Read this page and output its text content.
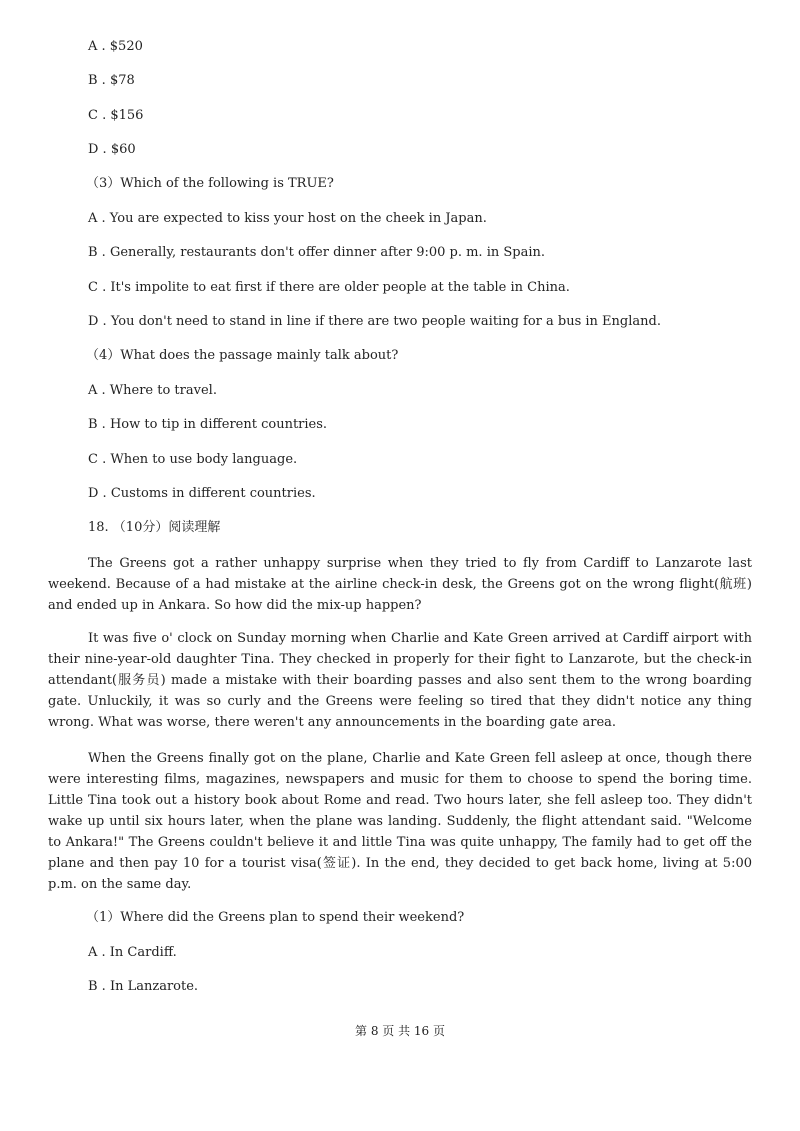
A . $520
B . $78
C . $156
D . $60
（3）Which of the following is TRUE?
A . You are expected to kiss your host on the cheek in Japan.
B . Generally, restaurants don't offer dinner after 9:00 p. m. in Spain.
C . It's impolite to eat first if there are older people at the table in China.
D . You don't need to stand in line if there are two people waiting for a bus in England.
（4）What does the passage mainly talk about?
A . Where to travel.
B . How to tip in different countries.
C . When to use body language.
D . Customs in different countries.
18. （10分）阅读理解
The Greens got a rather unhappy surprise when they tried to fly from Cardiff to Lanzarote last weekend. Because of a had mistake at the airline check-in desk, the Greens got on the wrong flight(航班) and ended up in Ankara. So how did the mix-up happen?
It was five o' clock on Sunday morning when Charlie and Kate Green arrived at Cardiff airport with their nine-year-old daughter Tina. They checked in properly for their fight to Lanzarote, but the check-in attendant(服务员) made a mistake with their boarding passes and also sent them to the wrong boarding gate. Unluckily, it was so curly and the Greens were feeling so tired that they didn't notice any thing wrong. What was worse, there weren't any announcements in the boarding gate area.
When the Greens finally got on the plane, Charlie and Kate Green fell asleep at once, though there were interesting films, magazines, newspapers and music for them to choose to spend the boring time. Little Tina took out a history book about Rome and read. Two hours later, she fell asleep too. They didn't wake up until six hours later, when the plane was landing. Suddenly, the flight attendant said. "Welcome to Ankara!" The Greens couldn't believe it and little Tina was quite unhappy, The family had to get off the plane and then pay 10 for a tourist visa(签证). In the end, they decided to get back home, living at 5:00 p.m. on the same day.
（1）Where did the Greens plan to spend their weekend?
A . In Cardiff.
B . In Lanzarote.
第 8 页 共 16 页
